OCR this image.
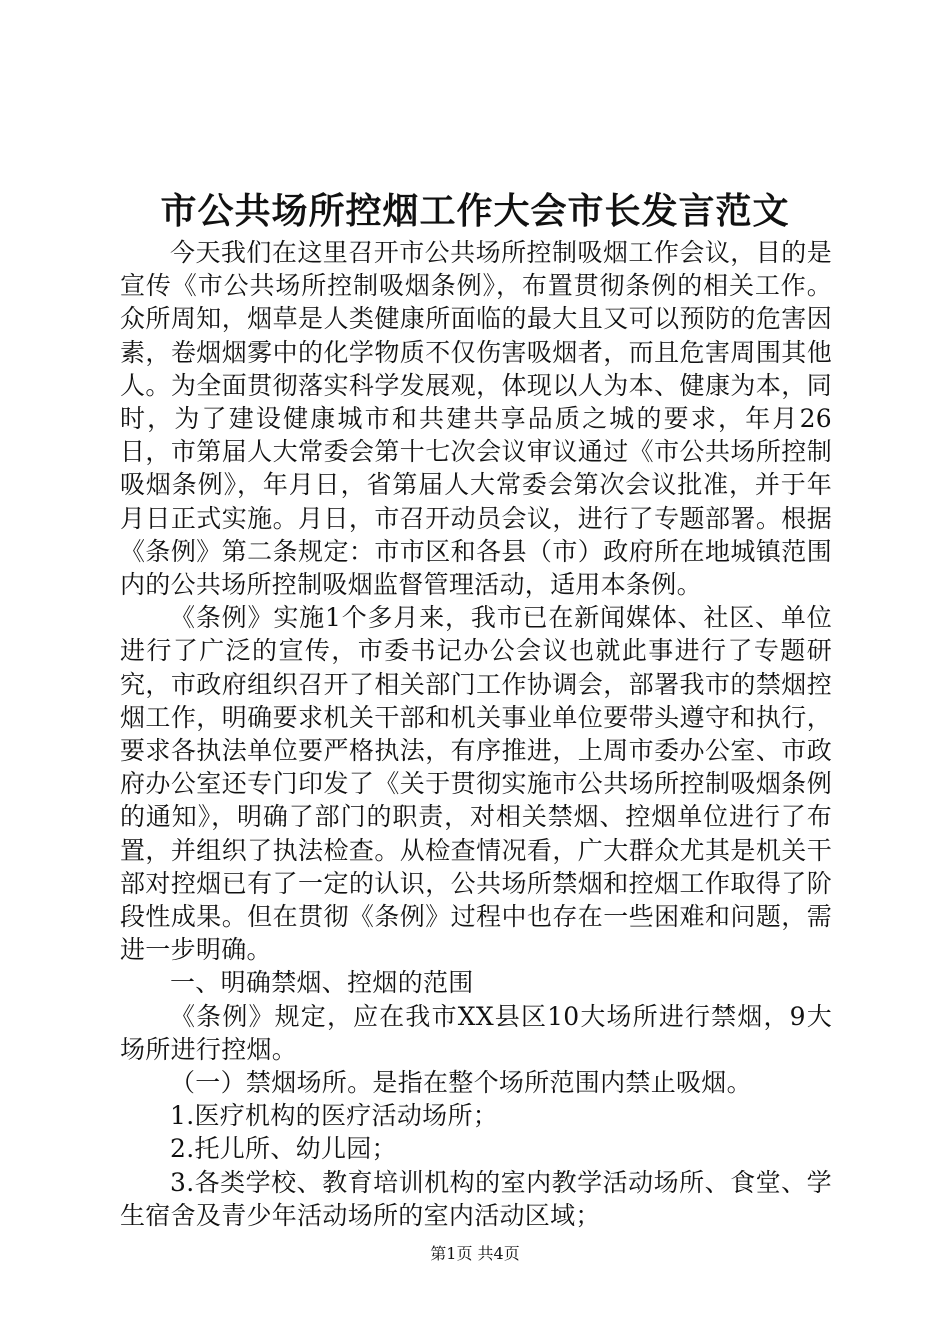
市公共场所控烟工作大会市长发言范文

今天我们在这里召开市公共场所控制吸烟工作会议，目的是宣传《市公共场所控制吸烟条例》，布置贯彻条例的相关工作。众所周知，烟草是人类健康所面临的最大且又可以预防的危害因素，卷烟烟雾中的化学物质不仅伤害吸烟者，而且危害周围其他人。为全面贯彻落实科学发展观，体现以人为本、健康为本，同时，为了建设健康城市和共建共享品质之城的要求，年月26日，市第届人大常委会第十七次会议审议通过《市公共场所控制吸烟条例》，年月日，省第届人大常委会第次会议批准，并于年月日正式实施。月日，市召开动员会议，进行了专题部署。根据《条例》第二条规定：市市区和各县（市）政府所在地城镇范围内的公共场所控制吸烟监督管理活动，适用本条例。

《条例》实施1个多月来，我市已在新闻媒体、社区、单位进行了广泛的宣传，市委书记办公会议也就此事进行了专题研究，市政府组织召开了相关部门工作协调会，部署我市的禁烟控烟工作，明确要求机关干部和机关事业单位要带头遵守和执行，要求各执法单位要严格执法，有序推进，上周市委办公室、市政府办公室还专门印发了《关于贯彻实施市公共场所控制吸烟条例的通知》，明确了部门的职责，对相关禁烟、控烟单位进行了布置，并组织了执法检查。从检查情况看，广大群众尤其是机关干部对控烟已有了一定的认识，公共场所禁烟和控烟工作取得了阶段性成果。但在贯彻《条例》过程中也存在一些困难和问题，需进一步明确。

一、明确禁烟、控烟的范围

《条例》规定，应在我市XX县区10大场所进行禁烟，9大场所进行控烟。

（一）禁烟场所。是指在整个场所范围内禁止吸烟。

1.医疗机构的医疗活动场所；

2.托儿所、幼儿园；

3.各类学校、教育培训机构的室内教学活动场所、食堂、学生宿舍及青少年活动场所的室内活动区域；

第1页 共4页
